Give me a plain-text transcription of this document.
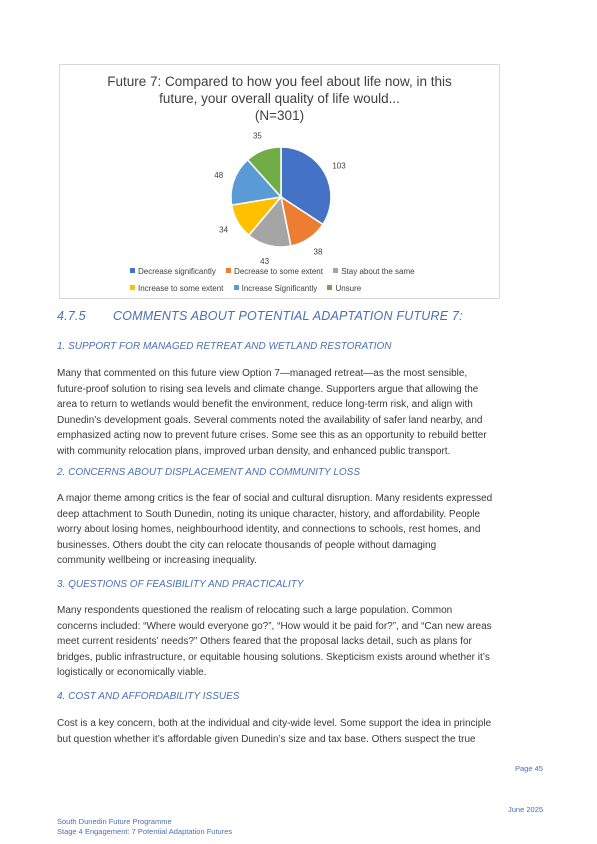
Future 7: Compared to how you feel about life now, in this
future, your overall quality of life would...
(N=301)
103
38
43
34
48
35
Decrease significantly Decrease to some extent Stay about the same
Increase to some extent Increase Significantly Unsure
4.7.5 COMMENTS ABOUT POTENTIAL ADAPTATION FUTURE 7:
1. SUPPORT FOR MANAGED RETREAT AND WETLAND RESTORATION
Many that commented on this future view Option 7—managed retreat—as the most sensible,
future-proof solution to rising sea levels and climate change. Supporters argue that allowing the
area to return to wetlands would benefit the environment, reduce long-term risk, and align with
Dunedin’s development goals. Several comments noted the availability of safer land nearby, and
emphasized acting now to prevent future crises. Some see this as an opportunity to rebuild better
with community relocation plans, improved urban density, and enhanced public transport.
2. CONCERNS ABOUT DISPLACEMENT AND COMMUNITY LOSS
A major theme among critics is the fear of social and cultural disruption. Many residents expressed
deep attachment to South Dunedin, noting its unique character, history, and affordability. People
worry about losing homes, neighbourhood identity, and connections to schools, rest homes, and
businesses. Others doubt the city can relocate thousands of people without damaging
community wellbeing or increasing inequality.
3. QUESTIONS OF FEASIBILITY AND PRACTICALITY
Many respondents questioned the realism of relocating such a large population. Common
concerns included: “Where would everyone go?”, “How would it be paid for?”, and “Can new areas
meet current residents’ needs?” Others feared that the proposal lacks detail, such as plans for
bridges, public infrastructure, or equitable housing solutions. Skepticism exists around whether it’s
logistically or economically viable.
4. COST AND AFFORDABILITY ISSUES
Cost is a key concern, both at the individual and city-wide level. Some support the idea in principle
but question whether it’s affordable given Dunedin’s size and tax base. Others suspect the true
Page 45
June 2025
South Dunedin Future Programme
Stage 4 Engagement: 7 Potential Adaptation Futures
